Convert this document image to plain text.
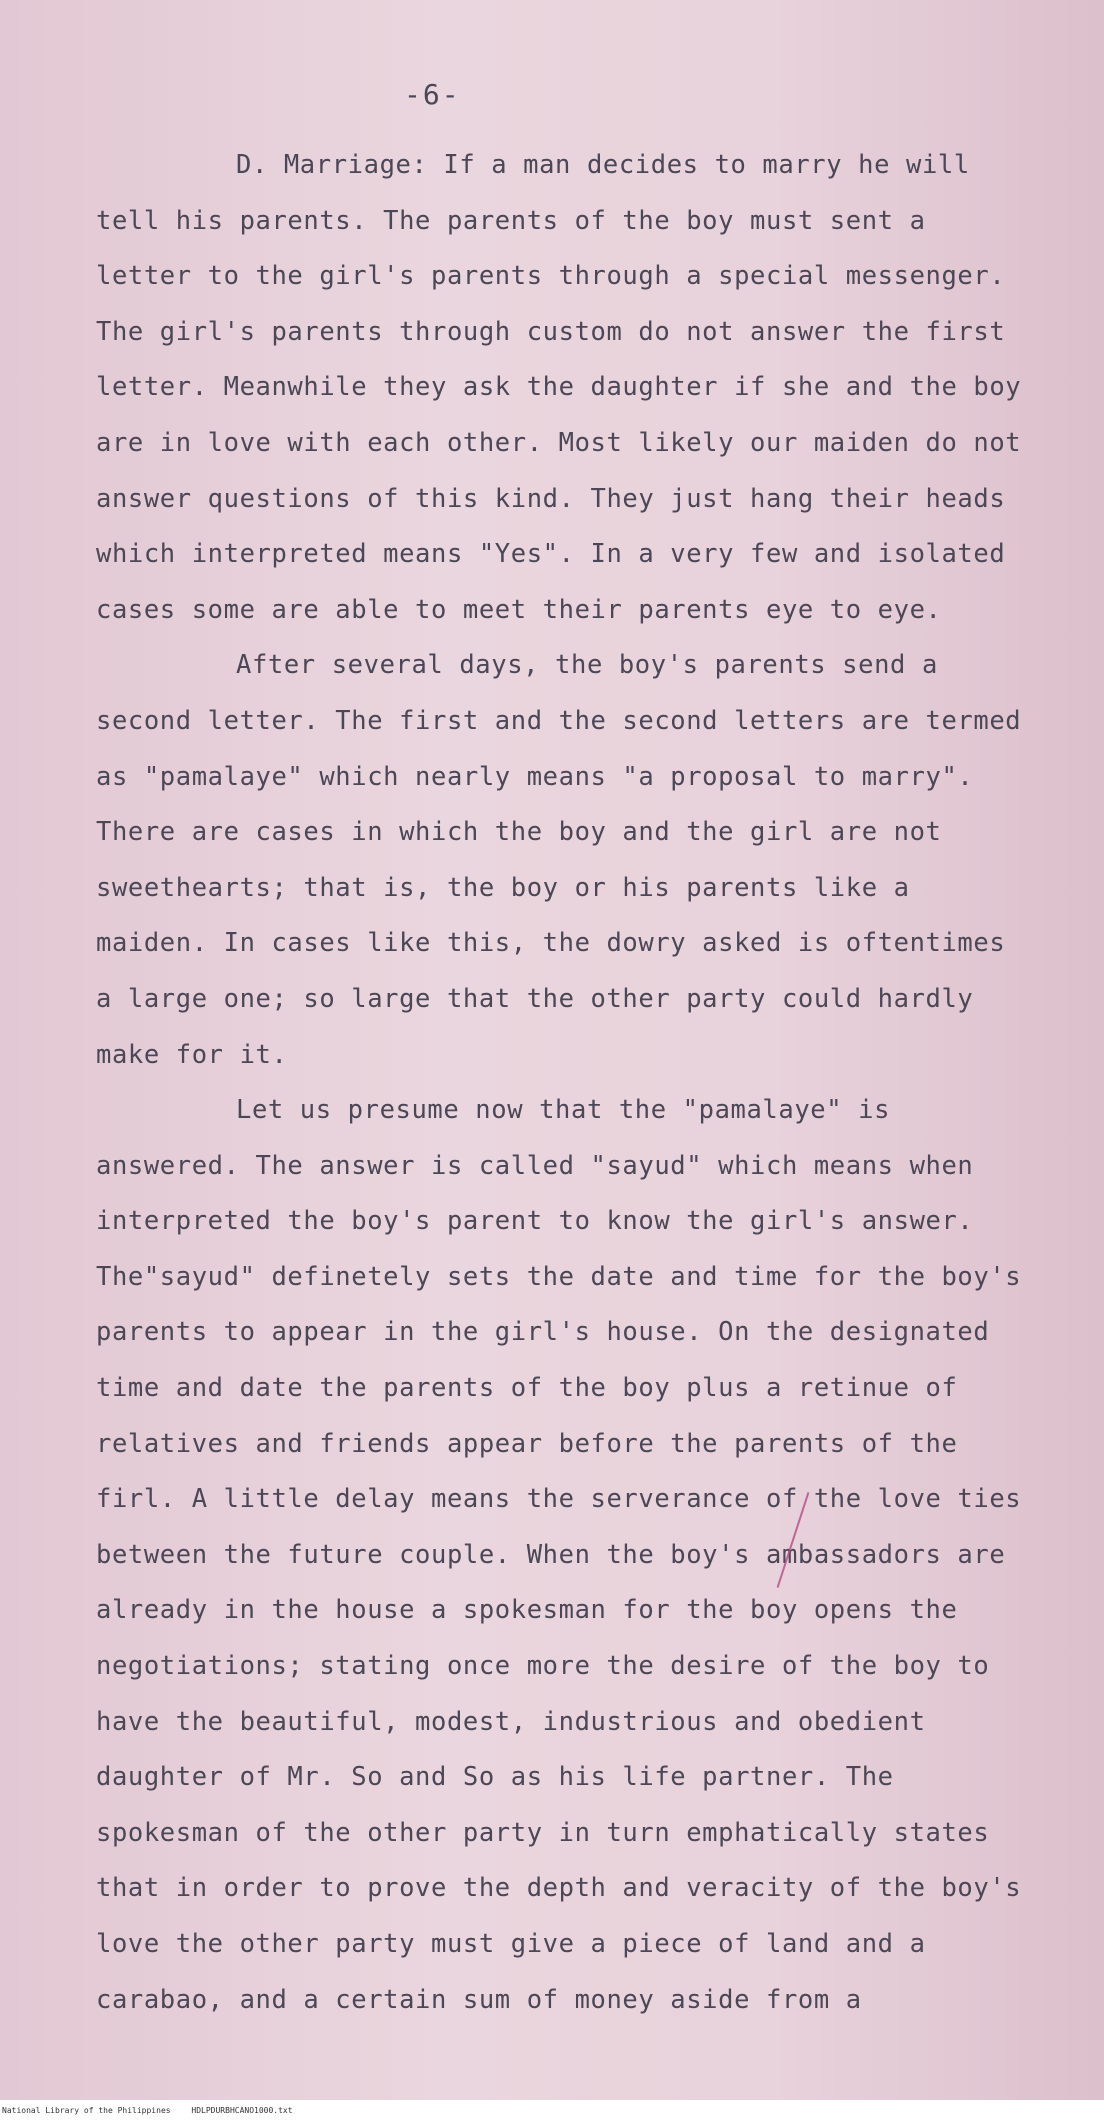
-6-

D. Marriage: If a man decides to marry he will tell his parents. The parents of the boy must sent a letter to the girl's parents through a special messenger. The girl's parents through custom do not answer the first letter. Meanwhile they ask the daughter if she and the boy are in love with each other. Most likely our maiden do not answer questions of this kind. They just hang their heads which interpreted means "Yes". In a very few and isolated cases some are able to meet their parents eye to eye.

After several days, the boy's parents send a second letter. The first and the second letters are termed as "pamalaye" which nearly means "a proposal to marry". There are cases in which the boy and the girl are not sweethearts; that is, the boy or his parents like a maiden. In cases like this, the dowry asked is oftentimes a large one; so large that the other party could hardly make for it.

Let us presume now that the "pamalaye" is answered. The answer is called "sayud" which means when interpreted the boy's parent to know the girl's answer. The"sayud" definetely sets the date and time for the boy's parents to appear in the girl's house. On the designated time and date the parents of the boy plus a retinue of relatives and friends appear before the parents of the firl. A little delay means the serverance of the love ties between the future couple. When the boy's ambassadors are already in the house a spokesman for the boy opens the negotiations; stating once more the desire of the boy to have the beautiful, modest, industrious and obedient daughter of Mr. So and So as his life partner. The spokesman of the other party in turn emphatically states that in order to prove the depth and veracity of the boy's love the other party must give a piece of land and a carabao, and a certain sum of money aside from a

National Library of the Philippines	HDLPDURBHCANO1000.txt
